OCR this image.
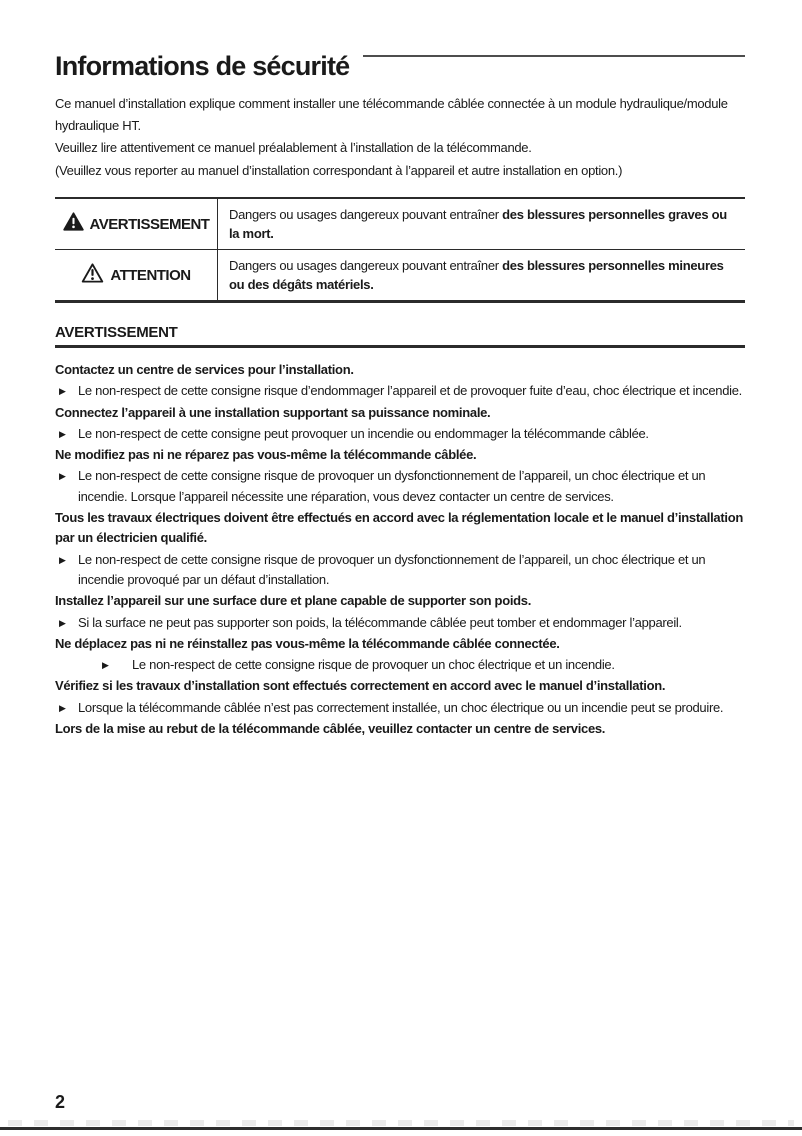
Informations de sécurité

Ce manuel d’installation explique comment installer une télécommande câblée connectée à un module hydraulique/module hydraulique HT.

Veuillez lire attentivement ce manuel préalablement à l’installation de la télécommande.

(Veuillez vous reporter au manuel d’installation correspondant à l’appareil et autre installation en option.)

AVERTISSEMENT
Dangers ou usages dangereux pouvant entraîner des blessures personnelles graves ou la mort.
ATTENTION
Dangers ou usages dangereux pouvant entraîner des blessures personnelles mineures ou des dégâts matériels.
AVERTISSEMENT

Contactez un centre de services pour l’installation.

▶ Le non-respect de cette consigne risque d’endommager l’appareil et de provoquer fuite d’eau, choc électrique et incendie.

Connectez l’appareil à une installation supportant sa puissance nominale.

▶ Le non-respect de cette consigne peut provoquer un incendie ou endommager la télécommande câblée.

Ne modifiez pas ni ne réparez pas vous-même la télécommande câblée.

▶ Le non-respect de cette consigne risque de provoquer un dysfonctionnement de l’appareil, un choc électrique et un incendie. Lorsque l’appareil nécessite une réparation, vous devez contacter un centre de services.

Tous les travaux électriques doivent être effectués en accord avec la réglementation locale et le manuel d’installation par un électricien qualifié.

▶ Le non-respect de cette consigne risque de provoquer un dysfonctionnement de l’appareil, un choc électrique et un incendie provoqué par un défaut d’installation.

Installez l’appareil sur une surface dure et plane capable de supporter son poids.

▶ Si la surface ne peut pas supporter son poids, la télécommande câblée peut tomber et endommager l’appareil.

Ne déplacez pas ni ne réinstallez pas vous-même la télécommande câblée connectée.

▶	Le non-respect de cette consigne risque de provoquer un choc électrique et un incendie.

Vérifiez si les travaux d’installation sont effectués correctement en accord avec le manuel d’installation.

▶ Lorsque la télécommande câblée n’est pas correctement installée, un choc électrique ou un incendie peut se produire.

Lors de la mise au rebut de la télécommande câblée, veuillez contacter un centre de services.

2
